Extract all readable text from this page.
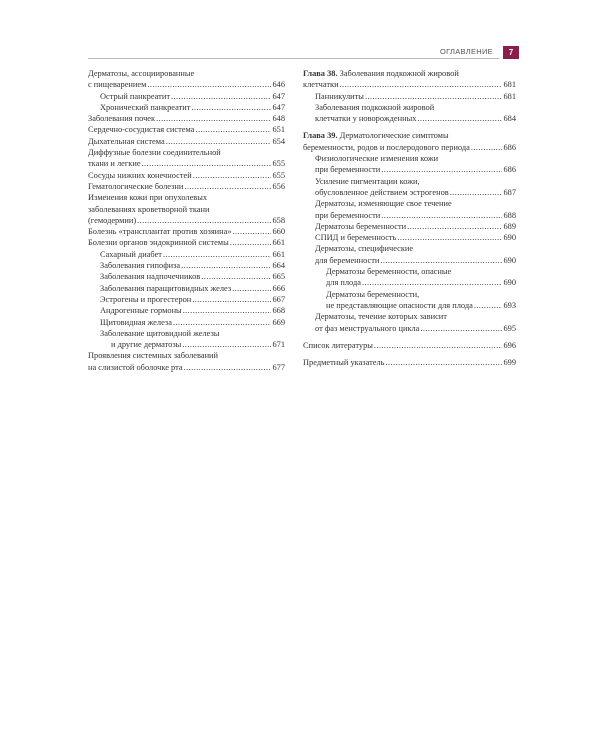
ОГЛАВЛЕНИЕ	7
Дерматозы, ассоциированные
с пищеварением .....	646
Острый панкреатит .....	647
Хронический панкреатит .....	647
Заболевания почек .....	648
Сердечно-сосудистая система .....	651
Дыхательная система .....	654
Диффузные болезни соединительной
ткани и легкие .....	655
Сосуды нижних конечностей .....	655
Гематологические болезни .....	656
Изменения кожи при опухолевых
заболеваниях кроветворной ткани
(гемодермии) .....	658
Болезнь «трансплантат против хозяина» .....	660
Болезни органов эндокринной системы .....	661
Сахарный диабет .....	661
Заболевания гипофиза .....	664
Заболевания надпочечников .....	665
Заболевания паращитовидных желез .....	666
Эстрогены и прогестерон .....	667
Андрогенные гормоны .....	668
Щитовидная железа .....	669
Заболевание щитовидной железы
и другие дерматозы .....	671
Проявления системных заболеваний
на слизистой оболочке рта .....	677
Глава 38. Заболевания подкожной жировой
клетчатки .....	681
Панникулиты .....	681
Заболевания подкожной жировой
клетчатки у новорожденных .....	684
Глава 39. Дерматологические симптомы
беременности, родов и послеродового периода .....	686
Физиологические изменения кожи
при беременности .....	686
Усиление пигментации кожи,
обусловленное действием эстрогенов .....	687
Дерматозы, изменяющие свое течение
при беременности .....	688
Дерматозы беременности .....	689
СПИД и беременность .....	690
Дерматозы, специфические
для беременности .....	690
Дерматозы беременности, опасные
для плода .....	690
Дерматозы беременности,
не представляющие опасности для плода .....	693
Дерматозы, течение которых зависит
от фаз менструального цикла .....	695
Список литературы .....	696
Предметный указатель .....	699
